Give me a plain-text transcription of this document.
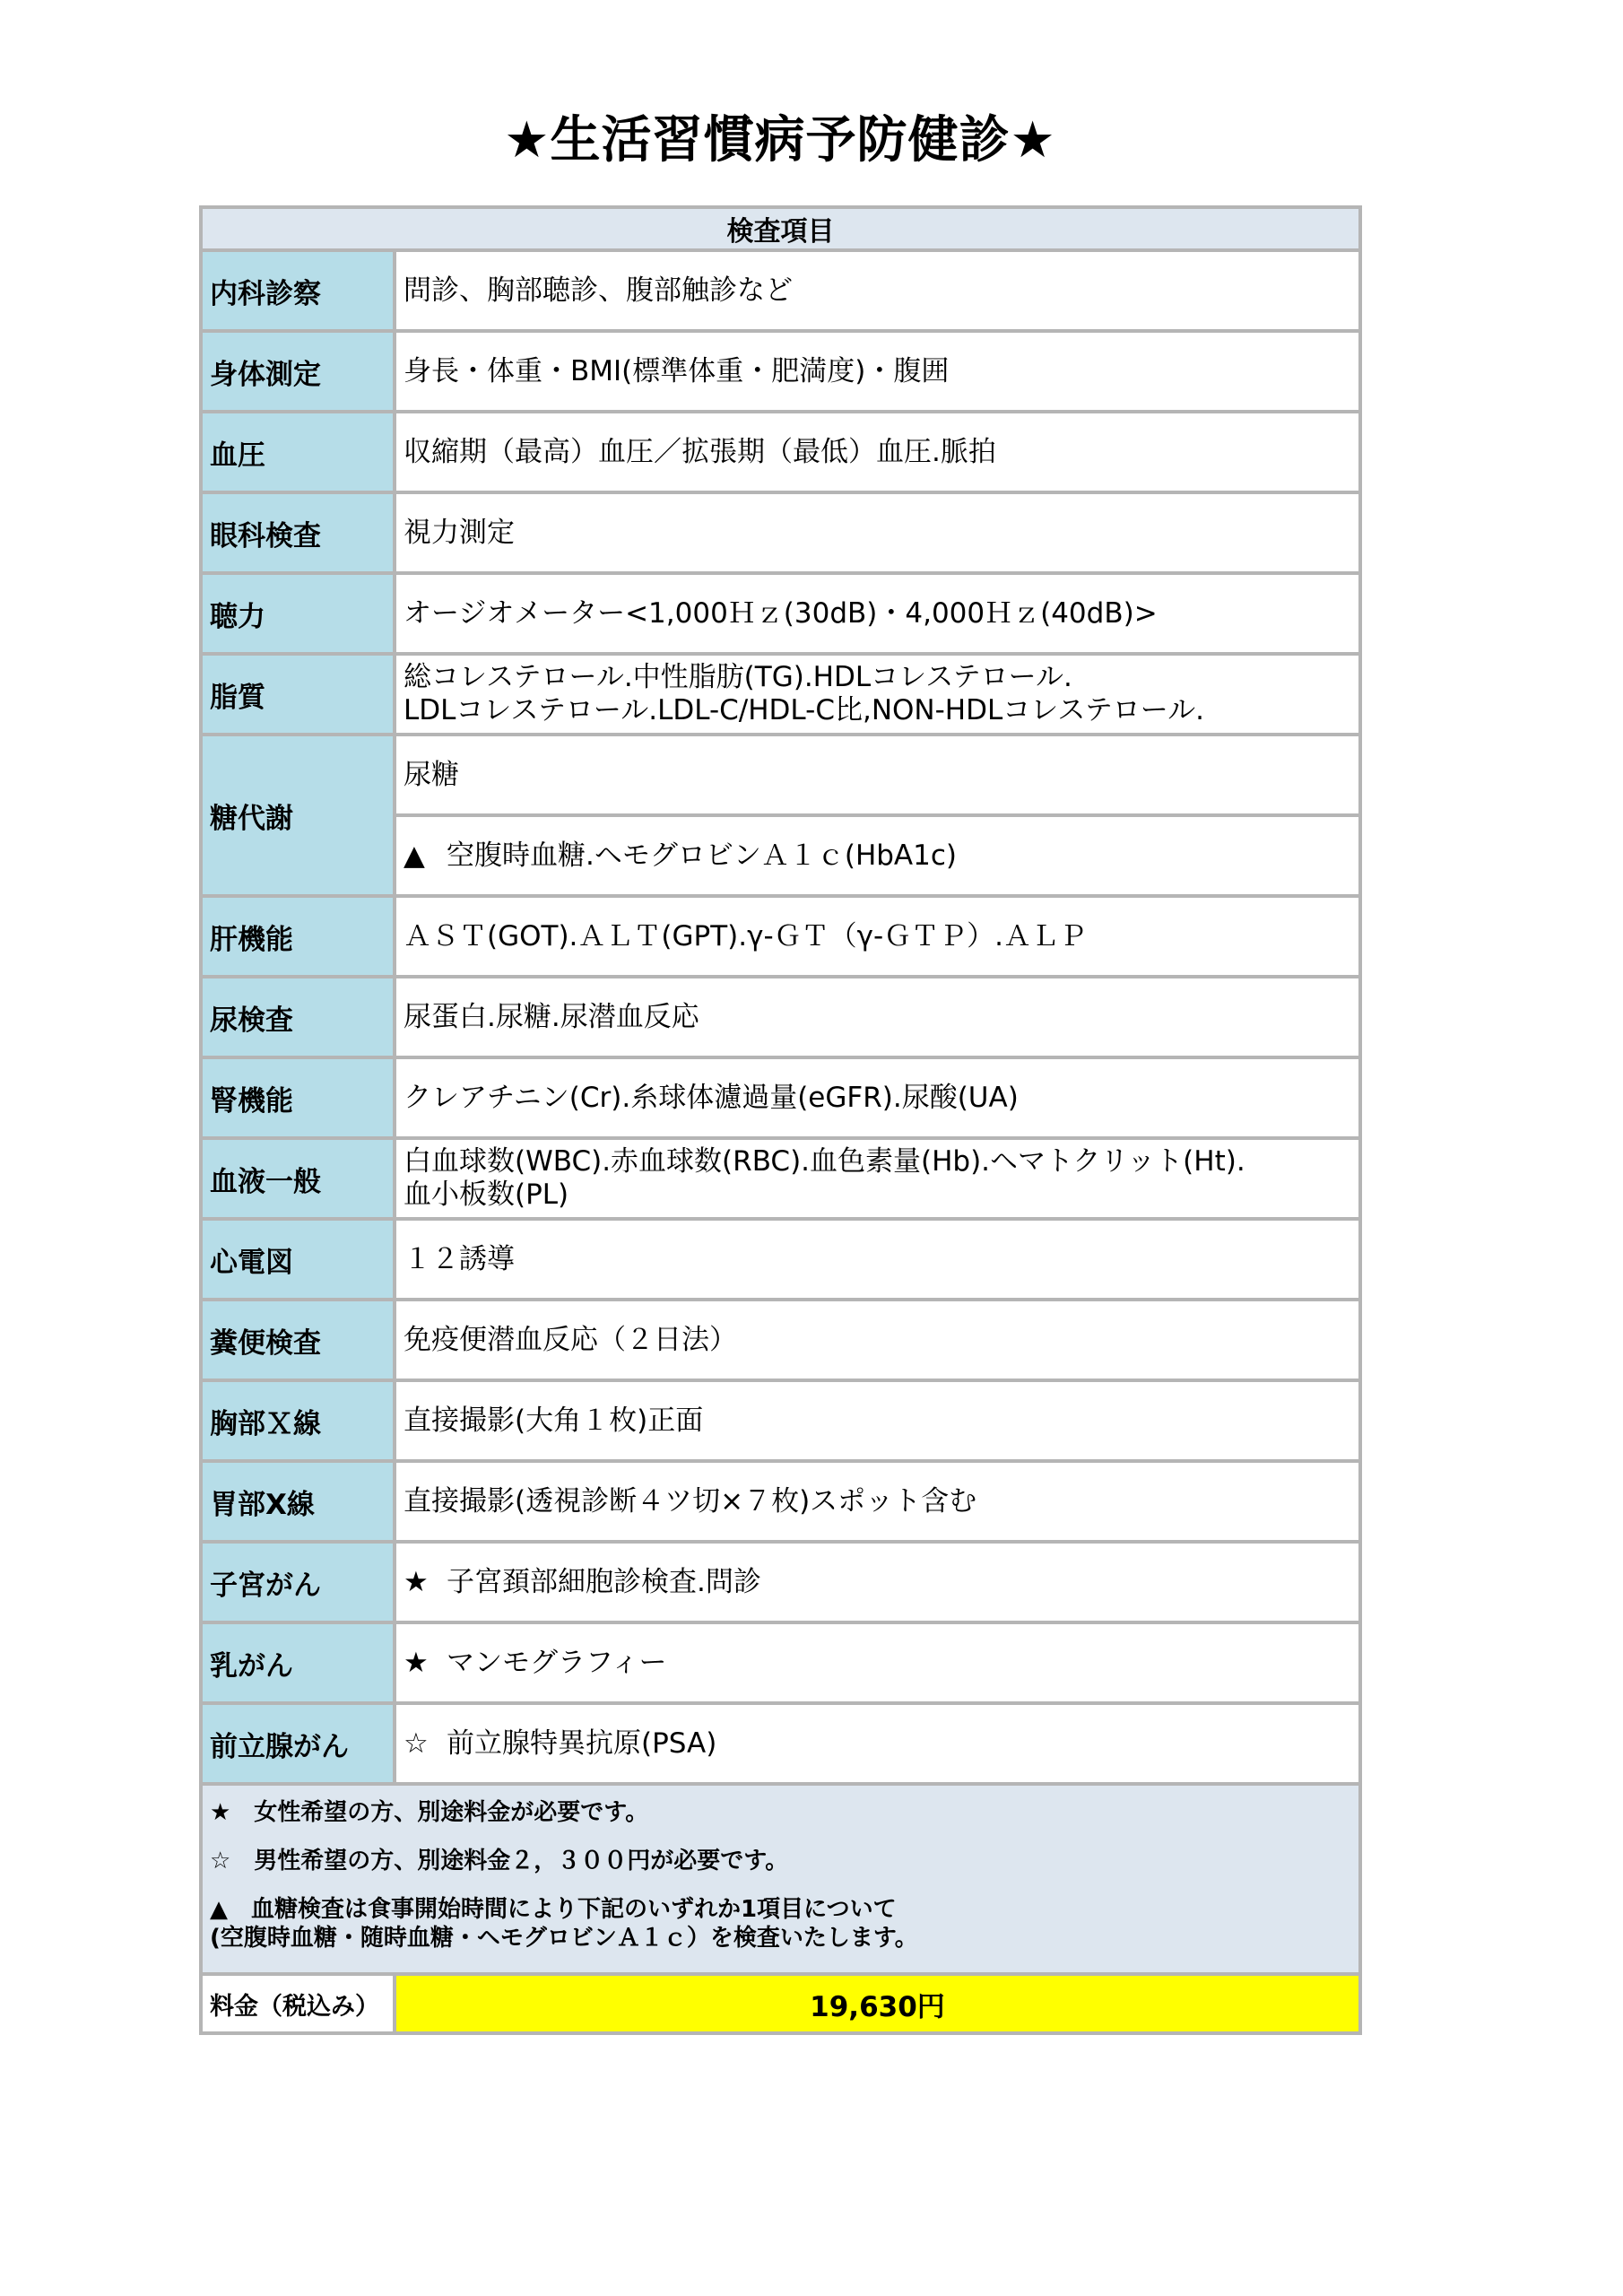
★生活習慣病予防健診★
検査項目	
内科診察	問診、胸部聴診、腹部触診など

身体測定	身長・体重・BMI(標準体重・肥満度)・腹囲

血圧	収縮期（最高）血圧／拡張期（最低）血圧.脈拍

眼科検査	視力測定

聴力	オージオメーター<1,000Ｈｚ(30dB)・4,000Ｈｚ(40dB)>

脂質	総コレステロール.中性脂肪(TG).HDLコレステロール.
LDLコレステロール.LDL-C/HDL-C比,NON-HDLコレステロール.

糖代謝	尿糖
	▲ 空腹時血糖.ヘモグロビンＡ１ｃ(HbA1c)
肝機能	ＡＳＴ(GOT).ＡＬＴ(GPT).γ-ＧＴ（γ-ＧＴＰ）.ＡＬＰ

尿検査	尿蛋白.尿糖.尿潜血反応

腎機能	クレアチニン(Cr).糸球体濾過量(eGFR).尿酸(UA)

血液一般	白血球数(WBC).赤血球数(RBC).血色素量(Hb).ヘマトクリット(Ht).
血小板数(PL)

心電図	１２誘導

糞便検査	免疫便潜血反応（２日法）

胸部Ｘ線	直接撮影(大角１枚)正面

胃部X線	直接撮影(透視診断４ツ切×７枚)スポット含む

子宮がん	★ 子宮頚部細胞診検査.問診
乳がん	★ マンモグラフィー
前立腺がん	☆ 前立腺特異抗原(PSA)

★　女性希望の方、別途料金が必要です。
☆　男性希望の方、別途料金２，３００円が必要です。
▲　血糖検査は食事開始時間により下記のいずれか1項目について
(空腹時血糖・随時血糖・ヘモグロビンＡ１ｃ）を検査いたします。	

料金（税込み）	19,630円
